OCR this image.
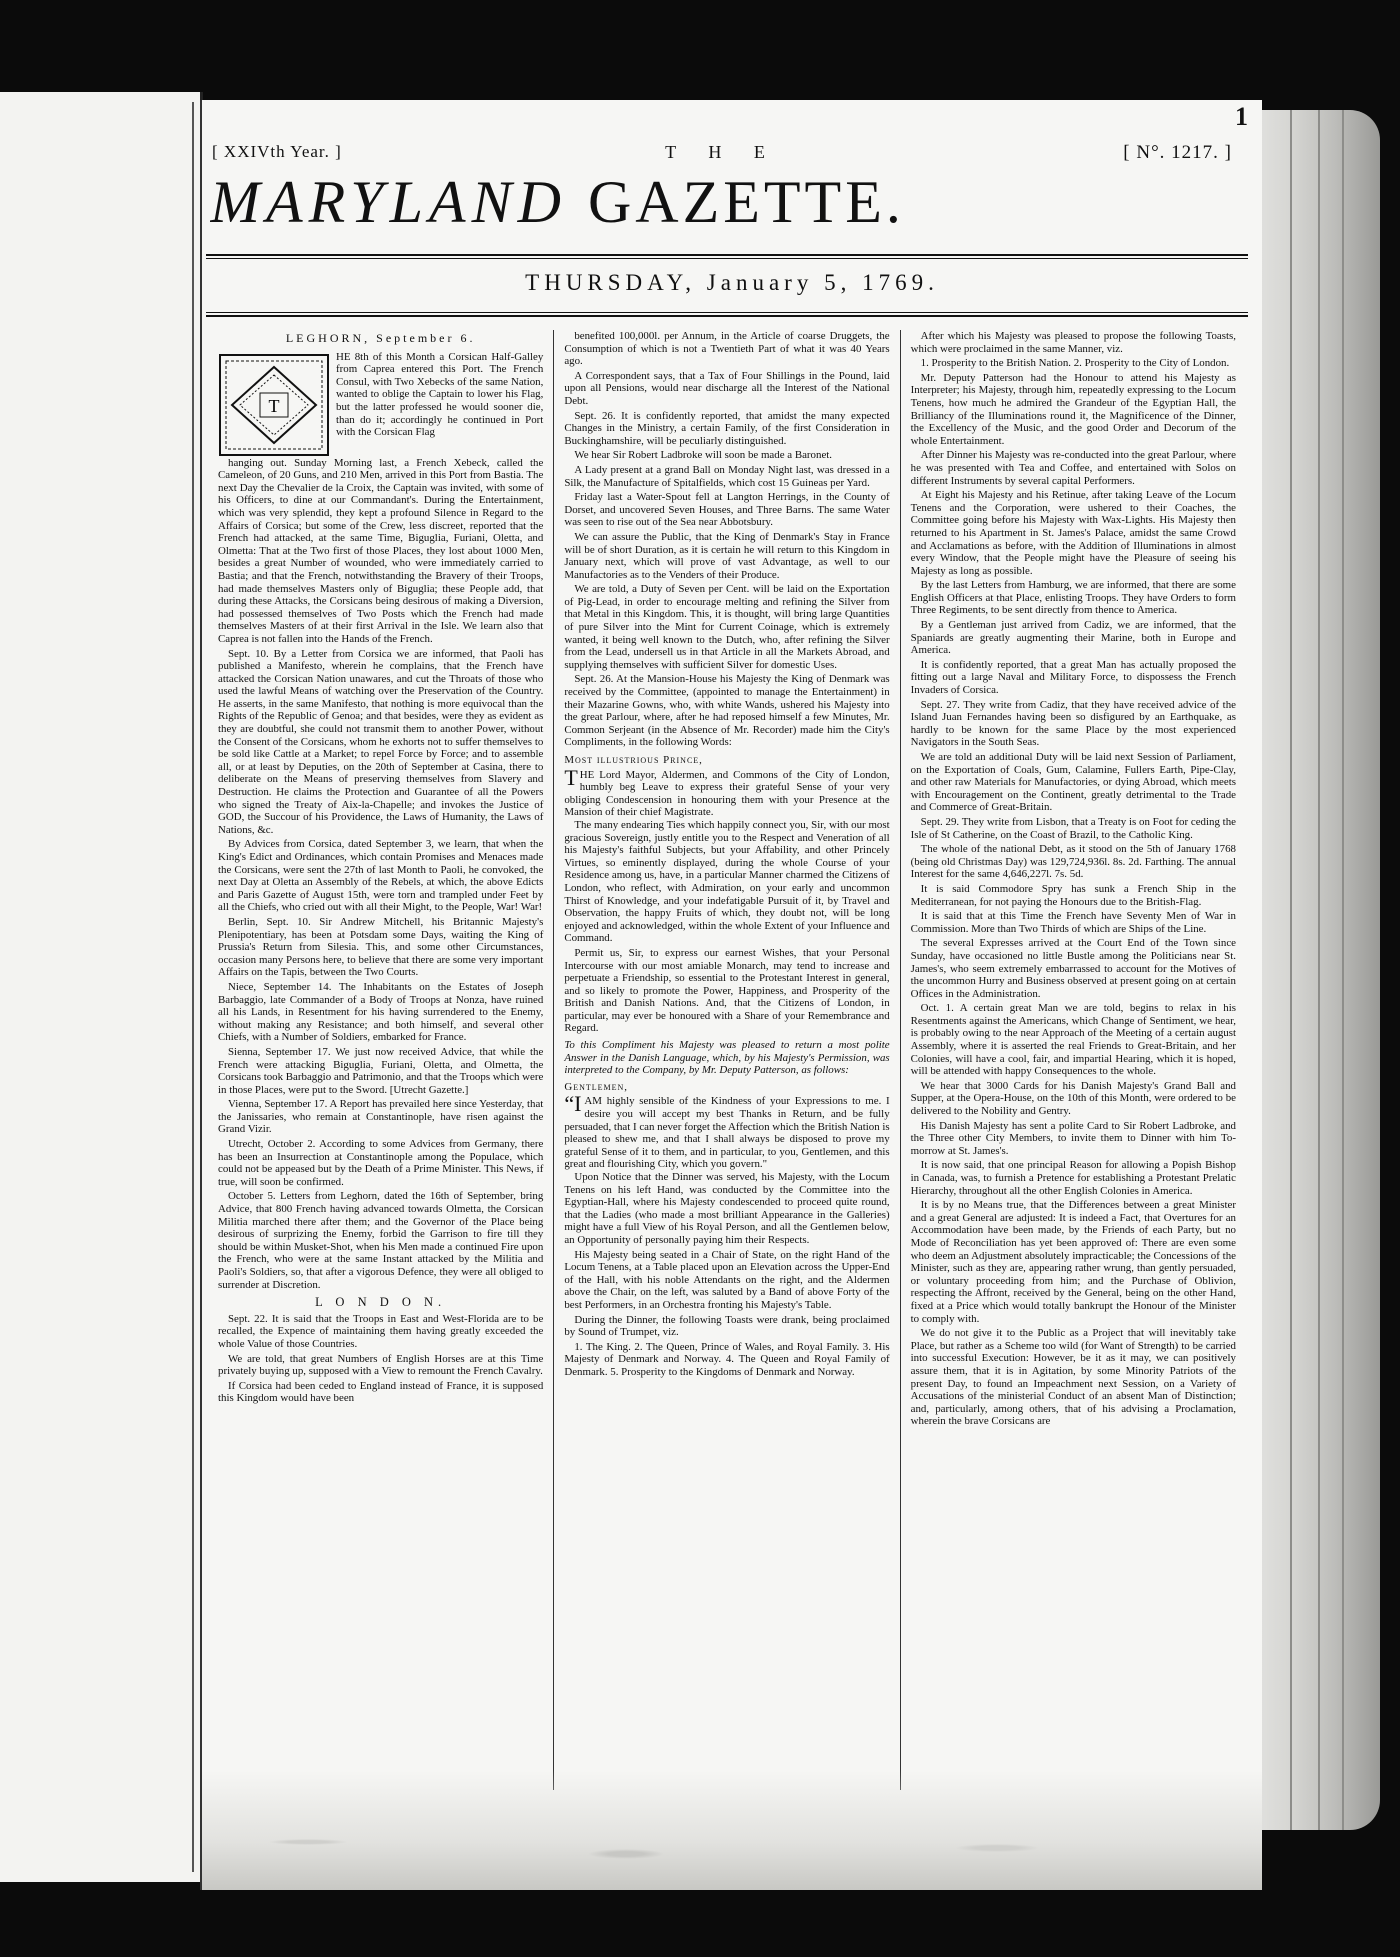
1
[ XXIVth Year. ]	T H E	[ N°. 1217. ]
MARYLAND GAZETTE.
THURSDAY, January 5, 1769.
LEGHORN, September 6.
T
HE 8th of this Month a Corsican Half-Galley from Caprea entered this Port. The French Consul, with Two Xebecks of the same Nation, wanted to oblige the Captain to lower his Flag, but the latter professed he would sooner die, than do it; accordingly he continued in Port with the Corsican Flag

hanging out. Sunday Morning last, a French Xebeck, called the Cameleon, of 20 Guns, and 210 Men, arrived in this Port from Bastia. The next Day the Chevalier de la Croix, the Captain was invited, with some of his Officers, to dine at our Commandant's. During the Entertainment, which was very splendid, they kept a profound Silence in Regard to the Affairs of Corsica; but some of the Crew, less discreet, reported that the French had attacked, at the same Time, Biguglia, Furiani, Oletta, and Olmetta: That at the Two first of those Places, they lost about 1000 Men, besides a great Number of wounded, who were immediately carried to Bastia; and that the French, notwithstanding the Bravery of their Troops, had made themselves Masters only of Biguglia; these People add, that during these Attacks, the Corsicans being desirous of making a Diversion, had possessed themselves of Two Posts which the French had made themselves Masters of at their first Arrival in the Isle. We learn also that Caprea is not fallen into the Hands of the French.

Sept. 10. By a Letter from Corsica we are informed, that Paoli has published a Manifesto, wherein he complains, that the French have attacked the Corsican Nation unawares, and cut the Throats of those who used the lawful Means of watching over the Preservation of the Country. He asserts, in the same Manifesto, that nothing is more equivocal than the Rights of the Republic of Genoa; and that besides, were they as evident as they are doubtful, she could not transmit them to another Power, without the Consent of the Corsicans, whom he exhorts not to suffer themselves to be sold like Cattle at a Market; to repel Force by Force; and to assemble all, or at least by Deputies, on the 20th of September at Casina, there to deliberate on the Means of preserving themselves from Slavery and Destruction. He claims the Protection and Guarantee of all the Powers who signed the Treaty of Aix-la-Chapelle; and invokes the Justice of GOD, the Succour of his Providence, the Laws of Humanity, the Laws of Nations, &c.

By Advices from Corsica, dated September 3, we learn, that when the King's Edict and Ordinances, which contain Promises and Menaces made the Corsicans, were sent the 27th of last Month to Paoli, he convoked, the next Day at Oletta an Assembly of the Rebels, at which, the above Edicts and Paris Gazette of August 15th, were torn and trampled under Feet by all the Chiefs, who cried out with all their Might, to the People, War! War!

Berlin, Sept. 10. Sir Andrew Mitchell, his Britannic Majesty's Plenipotentiary, has been at Potsdam some Days, waiting the King of Prussia's Return from Silesia. This, and some other Circumstances, occasion many Persons here, to believe that there are some very important Affairs on the Tapis, between the Two Courts.

Niece, September 14. The Inhabitants on the Estates of Joseph Barbaggio, late Commander of a Body of Troops at Nonza, have ruined all his Lands, in Resentment for his having surrendered to the Enemy, without making any Resistance; and both himself, and several other Chiefs, with a Number of Soldiers, embarked for France.

Sienna, September 17. We just now received Advice, that while the French were attacking Biguglia, Furiani, Oletta, and Olmetta, the Corsicans took Barbaggio and Patrimonio, and that the Troops which were in those Places, were put to the Sword. [Utrecht Gazette.]

Vienna, September 17. A Report has prevailed here since Yesterday, that the Janissaries, who remain at Constantinople, have risen against the Grand Vizir.

Utrecht, October 2. According to some Advices from Germany, there has been an Insurrection at Constantinople among the Populace, which could not be appeased but by the Death of a Prime Minister. This News, if true, will soon be confirmed.

October 5. Letters from Leghorn, dated the 16th of September, bring Advice, that 800 French having advanced towards Olmetta, the Corsican Militia marched there after them; and the Governor of the Place being desirous of surprizing the Enemy, forbid the Garrison to fire till they should be within Musket-Shot, when his Men made a continued Fire upon the French, who were at the same Instant attacked by the Militia and Paoli's Soldiers, so, that after a vigorous Defence, they were all obliged to surrender at Discretion.

L O N D O N.

Sept. 22. It is said that the Troops in East and West-Florida are to be recalled, the Expence of maintaining them having greatly exceeded the whole Value of those Countries.

We are told, that great Numbers of English Horses are at this Time privately buying up, supposed with a View to remount the French Cavalry.

If Corsica had been ceded to England instead of France, it is supposed this Kingdom would have been

benefited 100,000l. per Annum, in the Article of coarse Druggets, the Consumption of which is not a Twentieth Part of what it was 40 Years ago.

A Correspondent says, that a Tax of Four Shillings in the Pound, laid upon all Pensions, would near discharge all the Interest of the National Debt.

Sept. 26. It is confidently reported, that amidst the many expected Changes in the Ministry, a certain Family, of the first Consideration in Buckinghamshire, will be peculiarly distinguished.

We hear Sir Robert Ladbroke will soon be made a Baronet.

A Lady present at a grand Ball on Monday Night last, was dressed in a Silk, the Manufacture of Spitalfields, which cost 15 Guineas per Yard.

Friday last a Water-Spout fell at Langton Herrings, in the County of Dorset, and uncovered Seven Houses, and Three Barns. The same Water was seen to rise out of the Sea near Abbotsbury.

We can assure the Public, that the King of Denmark's Stay in France will be of short Duration, as it is certain he will return to this Kingdom in January next, which will prove of vast Advantage, as well to our Manufactories as to the Venders of their Produce.

We are told, a Duty of Seven per Cent. will be laid on the Exportation of Pig-Lead, in order to encourage melting and refining the Silver from that Metal in this Kingdom. This, it is thought, will bring large Quantities of pure Silver into the Mint for Current Coinage, which is extremely wanted, it being well known to the Dutch, who, after refining the Silver from the Lead, undersell us in that Article in all the Markets Abroad, and supplying themselves with sufficient Silver for domestic Uses.

Sept. 26. At the Mansion-House his Majesty the King of Denmark was received by the Committee, (appointed to manage the Entertainment) in their Mazarine Gowns, who, with white Wands, ushered his Majesty into the great Parlour, where, after he had reposed himself a few Minutes, Mr. Common Serjeant (in the Absence of Mr. Recorder) made him the City's Compliments, in the following Words:

Most illustrious Prince,
THE Lord Mayor, Aldermen, and Commons of the City of London, humbly beg Leave to express their grateful Sense of your very obliging Condescension in honouring them with your Presence at the Mansion of their chief Magistrate.

The many endearing Ties which happily connect you, Sir, with our most gracious Sovereign, justly entitle you to the Respect and Veneration of all his Majesty's faithful Subjects, but your Affability, and other Princely Virtues, so eminently displayed, during the whole Course of your Residence among us, have, in a particular Manner charmed the Citizens of London, who reflect, with Admiration, on your early and uncommon Thirst of Knowledge, and your indefatigable Pursuit of it, by Travel and Observation, the happy Fruits of which, they doubt not, will be long enjoyed and acknowledged, within the whole Extent of your Influence and Command.

Permit us, Sir, to express our earnest Wishes, that your Personal Intercourse with our most amiable Monarch, may tend to increase and perpetuate a Friendship, so essential to the Protestant Interest in general, and so likely to promote the Power, Happiness, and Prosperity of the British and Danish Nations. And, that the Citizens of London, in particular, may ever be honoured with a Share of your Remembrance and Regard.

To this Compliment his Majesty was pleased to return a most polite Answer in the Danish Language, which, by his Majesty's Permission, was interpreted to the Company, by Mr. Deputy Patterson, as follows:
Gentlemen,
“IAM highly sensible of the Kindness of your Expressions to me. I desire you will accept my best Thanks in Return, and be fully persuaded, that I can never forget the Affection which the British Nation is pleased to shew me, and that I shall always be disposed to prove my grateful Sense of it to them, and in particular, to you, Gentlemen, and this great and flourishing City, which you govern."

Upon Notice that the Dinner was served, his Majesty, with the Locum Tenens on his left Hand, was conducted by the Committee into the Egyptian-Hall, where his Majesty condescended to proceed quite round, that the Ladies (who made a most brilliant Appearance in the Galleries) might have a full View of his Royal Person, and all the Gentlemen below, an Opportunity of personally paying him their Respects.

His Majesty being seated in a Chair of State, on the right Hand of the Locum Tenens, at a Table placed upon an Elevation across the Upper-End of the Hall, with his noble Attendants on the right, and the Aldermen above the Chair, on the left, was saluted by a Band of above Forty of the best Performers, in an Orchestra fronting his Majesty's Table.

During the Dinner, the following Toasts were drank, being proclaimed by Sound of Trumpet, viz.

1. The King. 2. The Queen, Prince of Wales, and Royal Family. 3. His Majesty of Denmark and Norway. 4. The Queen and Royal Family of Denmark. 5. Prosperity to the Kingdoms of Denmark and Norway.

After which his Majesty was pleased to propose the following Toasts, which were proclaimed in the same Manner, viz.

1. Prosperity to the British Nation. 2. Prosperity to the City of London.

Mr. Deputy Patterson had the Honour to attend his Majesty as Interpreter; his Majesty, through him, repeatedly expressing to the Locum Tenens, how much he admired the Grandeur of the Egyptian Hall, the Brilliancy of the Illuminations round it, the Magnificence of the Dinner, the Excellency of the Music, and the good Order and Decorum of the whole Entertainment.

After Dinner his Majesty was re-conducted into the great Parlour, where he was presented with Tea and Coffee, and entertained with Solos on different Instruments by several capital Performers.

At Eight his Majesty and his Retinue, after taking Leave of the Locum Tenens and the Corporation, were ushered to their Coaches, the Committee going before his Majesty with Wax-Lights. His Majesty then returned to his Apartment in St. James's Palace, amidst the same Crowd and Acclamations as before, with the Addition of Illuminations in almost every Window, that the People might have the Pleasure of seeing his Majesty as long as possible.

By the last Letters from Hamburg, we are informed, that there are some English Officers at that Place, enlisting Troops. They have Orders to form Three Regiments, to be sent directly from thence to America.

By a Gentleman just arrived from Cadiz, we are informed, that the Spaniards are greatly augmenting their Marine, both in Europe and America.

It is confidently reported, that a great Man has actually proposed the fitting out a large Naval and Military Force, to dispossess the French Invaders of Corsica.

Sept. 27. They write from Cadiz, that they have received advice of the Island Juan Fernandes having been so disfigured by an Earthquake, as hardly to be known for the same Place by the most experienced Navigators in the South Seas.

We are told an additional Duty will be laid next Session of Parliament, on the Exportation of Coals, Gum, Calamine, Fullers Earth, Pipe-Clay, and other raw Materials for Manufactories, or dying Abroad, which meets with Encouragement on the Continent, greatly detrimental to the Trade and Commerce of Great-Britain.

Sept. 29. They write from Lisbon, that a Treaty is on Foot for ceding the Isle of St Catherine, on the Coast of Brazil, to the Catholic King.

The whole of the national Debt, as it stood on the 5th of January 1768 (being old Christmas Day) was 129,724,936l. 8s. 2d. Farthing. The annual Interest for the same 4,646,227l. 7s. 5d.

It is said Commodore Spry has sunk a French Ship in the Mediterranean, for not paying the Honours due to the British-Flag.

It is said that at this Time the French have Seventy Men of War in Commission. More than Two Thirds of which are Ships of the Line.

The several Expresses arrived at the Court End of the Town since Sunday, have occasioned no little Bustle among the Politicians near St. James's, who seem extremely embarrassed to account for the Motives of the uncommon Hurry and Business observed at present going on at certain Offices in the Administration.

Oct. 1. A certain great Man we are told, begins to relax in his Resentments against the Americans, which Change of Sentiment, we hear, is probably owing to the near Approach of the Meeting of a certain august Assembly, where it is asserted the real Friends to Great-Britain, and her Colonies, will have a cool, fair, and impartial Hearing, which it is hoped, will be attended with happy Consequences to the whole.

We hear that 3000 Cards for his Danish Majesty's Grand Ball and Supper, at the Opera-House, on the 10th of this Month, were ordered to be delivered to the Nobility and Gentry.

His Danish Majesty has sent a polite Card to Sir Robert Ladbroke, and the Three other City Members, to invite them to Dinner with him To-morrow at St. James's.

It is now said, that one principal Reason for allowing a Popish Bishop in Canada, was, to furnish a Pretence for establishing a Protestant Prelatic Hierarchy, throughout all the other English Colonies in America.

It is by no Means true, that the Differences between a great Minister and a great General are adjusted: It is indeed a Fact, that Overtures for an Accommodation have been made, by the Friends of each Party, but no Mode of Reconciliation has yet been approved of: There are even some who deem an Adjustment absolutely impracticable; the Concessions of the Minister, such as they are, appearing rather wrung, than gently persuaded, or voluntary proceeding from him; and the Purchase of Oblivion, respecting the Affront, received by the General, being on the other Hand, fixed at a Price which would totally bankrupt the Honour of the Minister to comply with.

We do not give it to the Public as a Project that will inevitably take Place, but rather as a Scheme too wild (for Want of Strength) to be carried into successful Execution: However, be it as it may, we can positively assure them, that it is in Agitation, by some Minority Patriots of the present Day, to found an Impeachment next Session, on a Variety of Accusations of the ministerial Conduct of an absent Man of Distinction; and, particularly, among others, that of his advising a Proclamation, wherein the brave Corsicans are
